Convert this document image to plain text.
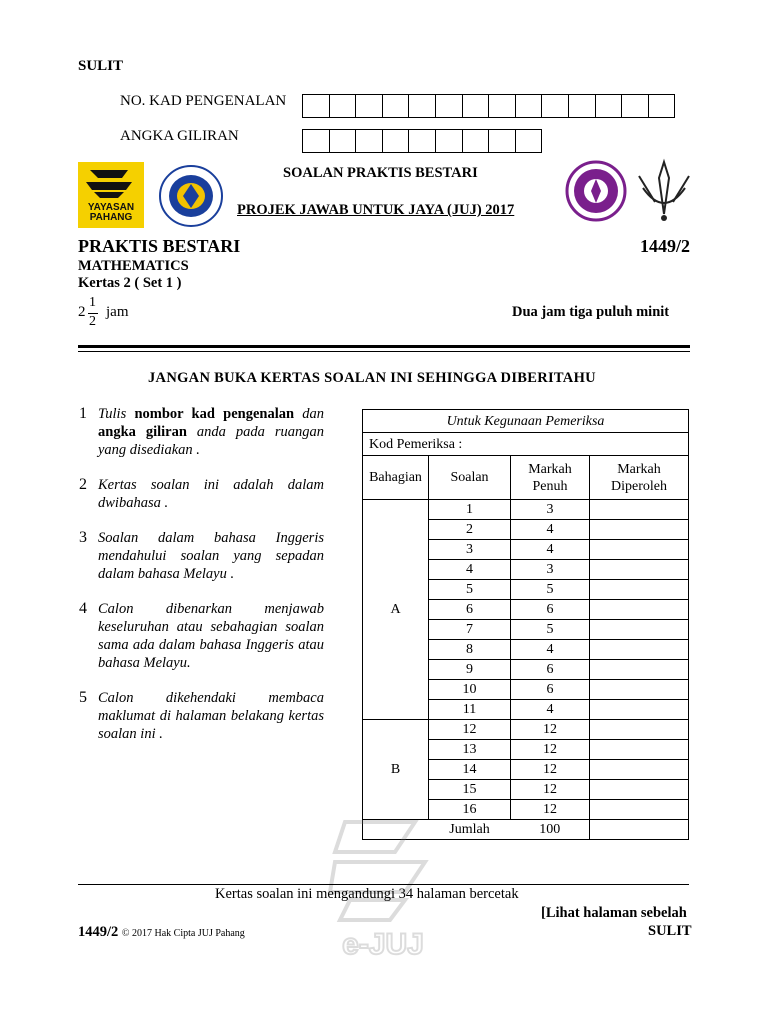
SULIT
NO. KAD PENGENALAN
ANGKA GILIRAN
YAYASAN
PAHANG
SOALAN PRAKTIS BESTARI
PROJEK JAWAB UNTUK JAYA (JUJ) 2017
PRAKTIS BESTARI	1449/2
MATHEMATICS
Kertas 2 ( Set 1 )
2
1
2
jam	Dua jam tiga puluh minit
JANGAN BUKA KERTAS SOALAN INI SEHINGGA DIBERITAHU
1 Tulis nombor kad pengenalan dan angka giliran anda pada ruangan yang disediakan .
2 Kertas soalan ini adalah dalam dwibahasa .
3 Soalan dalam bahasa Inggeris mendahului soalan yang sepadan dalam bahasa Melayu .
4 Calon dibenarkan menjawab keseluruhan atau sebahagian soalan sama ada dalam bahasa Inggeris atau bahasa Melayu.
5 Calon dikehendaki membaca maklumat di halaman belakang kertas soalan ini .
Untuk Kegunaan Pemeriksa			
Kod Pemeriksa :			
Bahagian	Soalan	Markah Penuh	Markah Diperoleh
A	1	3	
	2	4	
	3	4	
	4	3	
	5	5	
	6	6	
	7	5	
	8	4	
	9	6	
	10	6	
	11	4	
B	12	12	
	13	12	
	14	12	
	15	12	
	16	12	
	Jumlah	100	
e-JUJ
Kertas soalan ini mengandungi 34 halaman bercetak
[Lihat halaman sebelah
1449/2 © 2017 Hak Cipta JUJ Pahang	SULIT
